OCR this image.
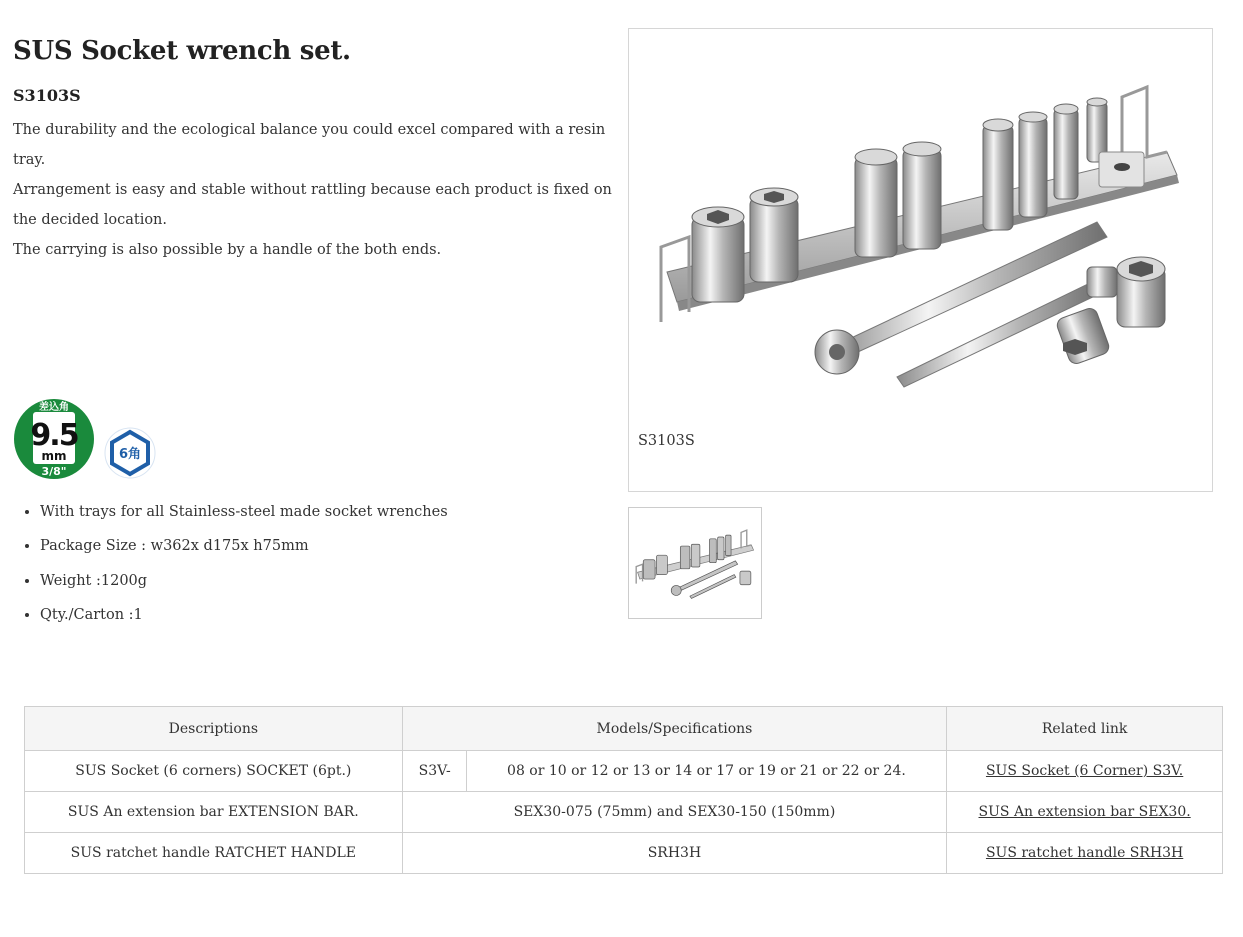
SUS Socket wrench set.
S3103S

The durability and the ecological balance you could excel compared with a resin tray.

Arrangement is easy and stable without rattling because each product is fixed on the decided location.

The carrying is also possible by a handle of the both ends.

差込角
9.5
mm
3/8"
6角
• With trays for all Stainless-steel made socket wrenches
• Package Size : w362x d175x h75mm
• Weight :1200g
• Qty./Carton :1
S3103S
Descriptions	Models/Specifications		Related link
SUS Socket (6 corners) SOCKET (6pt.)	S3V-	08 or 10 or 12 or 13 or 14 or 17 or 19 or 21 or 22 or 24.	SUS Socket (6 Corner) S3V.
SUS An extension bar EXTENSION BAR.	SEX30-075 (75mm) and SEX30-150 (150mm)		SUS An extension bar SEX30.
SUS ratchet handle RATCHET HANDLE	SRH3H		SUS ratchet handle SRH3H
